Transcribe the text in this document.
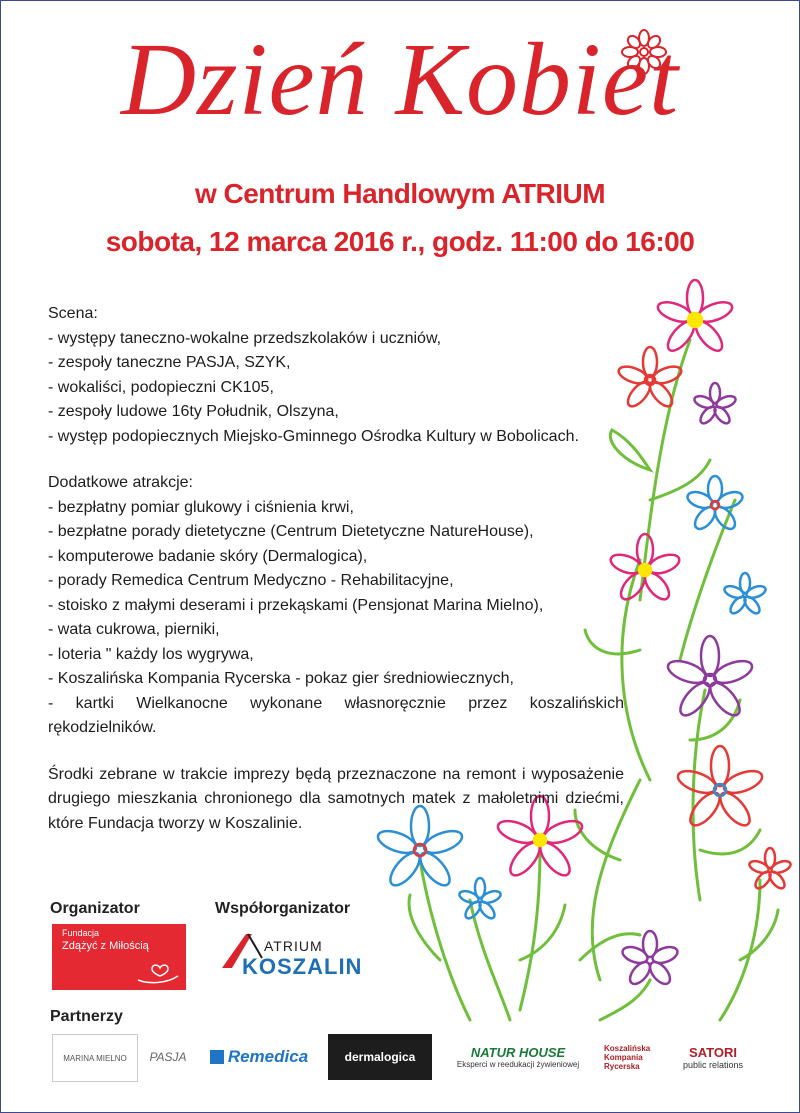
Dzień Kobiet
w Centrum Handlowym ATRIUM
sobota, 12 marca 2016 r., godz. 11:00 do 16:00
Scena:
- występy taneczno-wokalne przedszkolaków i uczniów,
- zespoły taneczne PASJA, SZYK,
- wokaliści, podopieczni CK105,
- zespoły ludowe 16ty Południk, Olszyna,
- występ podopiecznych Miejsko-Gminnego Ośrodka Kultury w Bobolicach.
Dodatkowe atrakcje:
- bezpłatny pomiar glukowy i ciśnienia krwi,
- bezpłatne porady dietetyczne (Centrum Dietetyczne NatureHouse),
- komputerowe badanie skóry (Dermalogica),
- porady Remedica Centrum Medyczno - Rehabilitacyjne,
- stoisko z małymi deserami i przekąskami (Pensjonat Marina Mielno),
- wata cukrowa, pierniki,
- loteria " każdy los wygrywa,
- Koszalińska Kompania Rycerska - pokaz gier średniowiecznych,
- kartki Wielkanocne wykonane własnoręcznie przez koszalińskich
rękodzielników.
Środki zebrane w trakcie imprezy będą przeznaczone na remont i wyposażenie
drugiego mieszkania chronionego dla samotnych matek z małoletnimi dziećmi,
które Fundacja tworzy w Koszalinie.
Organizator	Współorganizator
Fundacja
Zdążyć z Miłością	ATRIUM
KOSZALIN
Partnerzy
MARINA MIELNO	PASJA Remedica	dermalogica	NATUR HOUSE
Eksperci w reedukacji żywieniowej
Koszalińska Kompania Rycerska
SATORI
public relations
